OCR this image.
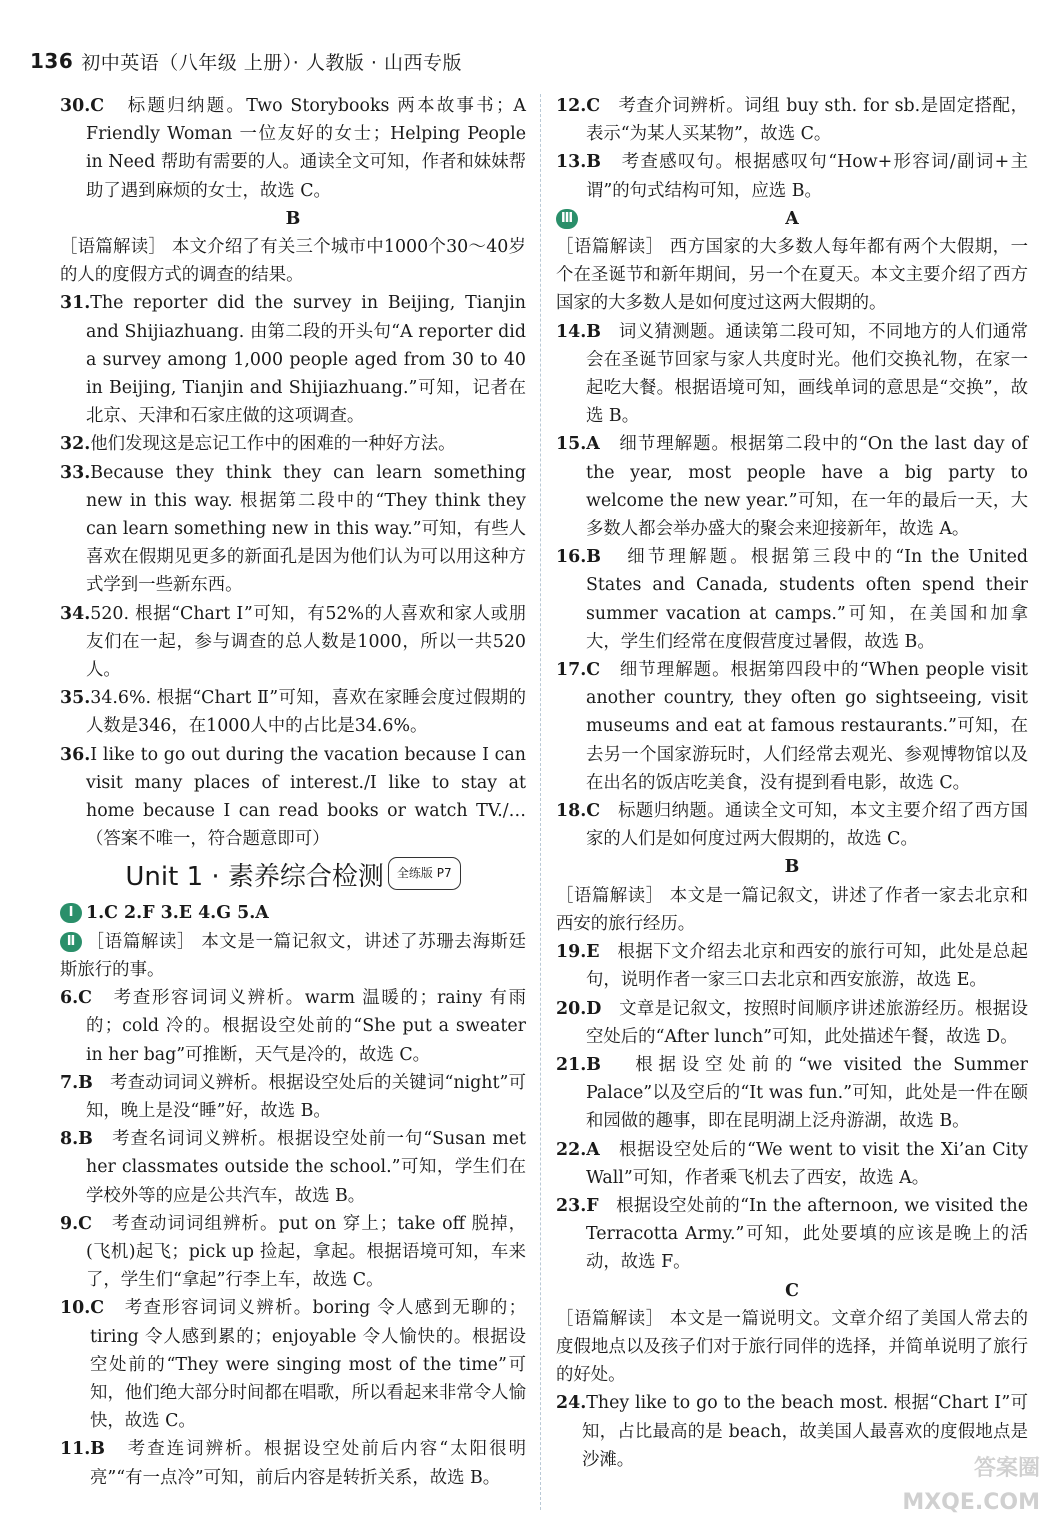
136 初中英语（八年级 上册）· 人教版 · 山西专版
30.C 标题归纳题。Two Storybooks 两本故事书；A Friendly Woman 一位友好的女士；Helping People in Need 帮助有需要的人。通读全文可知，作者和妹妹帮助了遇到麻烦的女士，故选 C。
B
［语篇解读］ 本文介绍了有关三个城市中1000个30～40岁的人的度假方式的调查的结果。
31.The reporter did the survey in Beijing, Tianjin and Shijiazhuang. 由第二段的开头句“A reporter did a survey among 1,000 people aged from 30 to 40 in Beijing, Tianjin and Shijiazhuang.”可知，记者在北京、天津和石家庄做的这项调查。
32.他们发现这是忘记工作中的困难的一种好方法。
33.Because they think they can learn something new in this way. 根据第二段中的“They think they can learn something new in this way.”可知，有些人喜欢在假期见更多的新面孔是因为他们认为可以用这种方式学到一些新东西。
34.520. 根据“Chart Ⅰ”可知，有52%的人喜欢和家人或朋友们在一起，参与调查的总人数是1000，所以一共520人。
35.34.6%. 根据“Chart Ⅱ”可知，喜欢在家睡会度过假期的人数是346，在1000人中的占比是34.6%。
36.I like to go out during the vacation because I can visit many places of interest./I like to stay at home because I can read books or watch TV./… （答案不唯一，符合题意即可）
Unit 1 · 素养综合检测	全练版 P7
Ⅰ 1.C 2.F 3.E 4.G 5.A
Ⅱ ［语篇解读］ 本文是一篇记叙文，讲述了苏珊去海斯廷斯旅行的事。
6.C 考查形容词词义辨析。warm 温暖的；rainy 有雨的；cold 冷的。根据设空处前的“She put a sweater in her bag”可推断，天气是冷的，故选 C。
7.B 考查动词词义辨析。根据设空处后的关键词“night”可知，晚上是没“睡”好，故选 B。
8.B 考查名词词义辨析。根据设空处前一句“Susan met her classmates outside the school.”可知，学生们在学校外等的应是公共汽车，故选 B。
9.C 考查动词词组辨析。put on 穿上；take off 脱掉，(飞机)起飞；pick up 捡起，拿起。根据语境可知，车来了，学生们“拿起”行李上车，故选 C。
10.C 考查形容词词义辨析。boring 令人感到无聊的；tiring 令人感到累的；enjoyable 令人愉快的。根据设空处前的“They were singing most of the time”可知，他们绝大部分时间都在唱歌，所以看起来非常令人愉快，故选 C。
11.B 考查连词辨析。根据设空处前后内容“太阳很明亮”“有一点冷”可知，前后内容是转折关系，故选 B。
12.C 考查介词辨析。词组 buy sth. for sb.是固定搭配，表示“为某人买某物”，故选 C。
13.B 考查感叹句。根据感叹句“How+形容词/副词+主谓”的句式结构可知，应选 B。
Ⅲ	A
［语篇解读］ 西方国家的大多数人每年都有两个大假期，一个在圣诞节和新年期间，另一个在夏天。本文主要介绍了西方国家的大多数人是如何度过这两大假期的。
14.B 词义猜测题。通读第二段可知，不同地方的人们通常会在圣诞节回家与家人共度时光。他们交换礼物，在家一起吃大餐。根据语境可知，画线单词的意思是“交换”，故选 B。
15.A 细节理解题。根据第二段中的“On the last day of the year, most people have a big party to welcome the new year.”可知，在一年的最后一天，大多数人都会举办盛大的聚会来迎接新年，故选 A。
16.B 细节理解题。根据第三段中的“In the United States and Canada, students often spend their summer vacation at camps.”可知，在美国和加拿大，学生们经常在度假营度过暑假，故选 B。
17.C 细节理解题。根据第四段中的“When people visit another country, they often go sightseeing, visit museums and eat at famous restaurants.”可知，在去另一个国家游玩时，人们经常去观光、参观博物馆以及在出名的饭店吃美食，没有提到看电影，故选 C。
18.C 标题归纳题。通读全文可知，本文主要介绍了西方国家的人们是如何度过两大假期的，故选 C。
B
［语篇解读］ 本文是一篇记叙文，讲述了作者一家去北京和西安的旅行经历。
19.E 根据下文介绍去北京和西安的旅行可知，此处是总起句，说明作者一家三口去北京和西安旅游，故选 E。
20.D 文章是记叙文，按照时间顺序讲述旅游经历。根据设空处后的“After lunch”可知，此处描述午餐，故选 D。
21.B 根据设空处前的“we visited the Summer Palace”以及空后的“It was fun.”可知，此处是一件在颐和园做的趣事，即在昆明湖上泛舟游湖，故选 B。
22.A 根据设空处后的“We went to visit the Xi’an City Wall”可知，作者乘飞机去了西安，故选 A。
23.F 根据设空处前的“In the afternoon, we visited the Terracotta Army.”可知，此处要填的应该是晚上的活动，故选 F。
C
［语篇解读］ 本文是一篇说明文。文章介绍了美国人常去的度假地点以及孩子们对于旅行同伴的选择，并简单说明了旅行的好处。
24.They like to go to the beach most. 根据“Chart Ⅰ”可知，占比最高的是 beach，故美国人最喜欢的度假地点是沙滩。	答案圈
MXQE.COM
